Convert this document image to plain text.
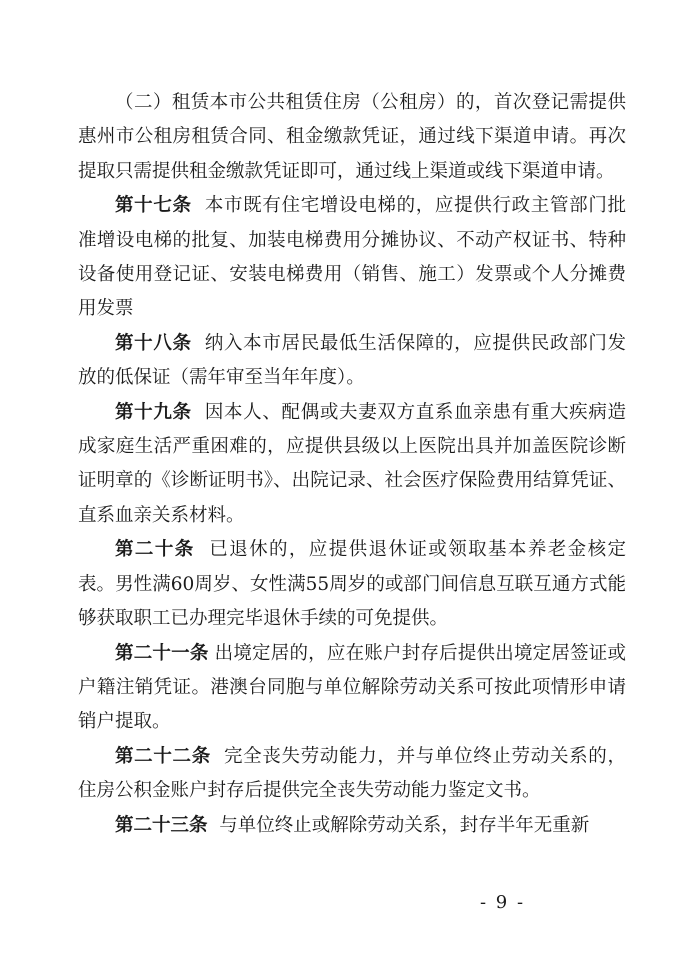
（二）租赁本市公共租赁住房（公租房）的，首次登记需提供惠州市公租房租赁合同、租金缴款凭证，通过线下渠道申请。再次提取只需提供租金缴款凭证即可，通过线上渠道或线下渠道申请。

第十七条 本市既有住宅增设电梯的，应提供行政主管部门批准增设电梯的批复、加装电梯费用分摊协议、不动产权证书、特种设备使用登记证、安装电梯费用（销售、施工）发票或个人分摊费用发票

第十八条 纳入本市居民最低生活保障的，应提供民政部门发放的低保证（需年审至当年年度）。

第十九条 因本人、配偶或夫妻双方直系血亲患有重大疾病造成家庭生活严重困难的，应提供县级以上医院出具并加盖医院诊断证明章的《诊断证明书》、出院记录、社会医疗保险费用结算凭证、直系血亲关系材料。

第二十条 已退休的，应提供退休证或领取基本养老金核定表。男性满60周岁、女性满55周岁的或部门间信息互联互通方式能够获取职工已办理完毕退休手续的可免提供。

第二十一条 出境定居的，应在账户封存后提供出境定居签证或户籍注销凭证。港澳台同胞与单位解除劳动关系可按此项情形申请销户提取。

第二十二条 完全丧失劳动能力，并与单位终止劳动关系的，住房公积金账户封存后提供完全丧失劳动能力鉴定文书。

第二十三条 与单位终止或解除劳动关系，封存半年无重新

- 9 -
